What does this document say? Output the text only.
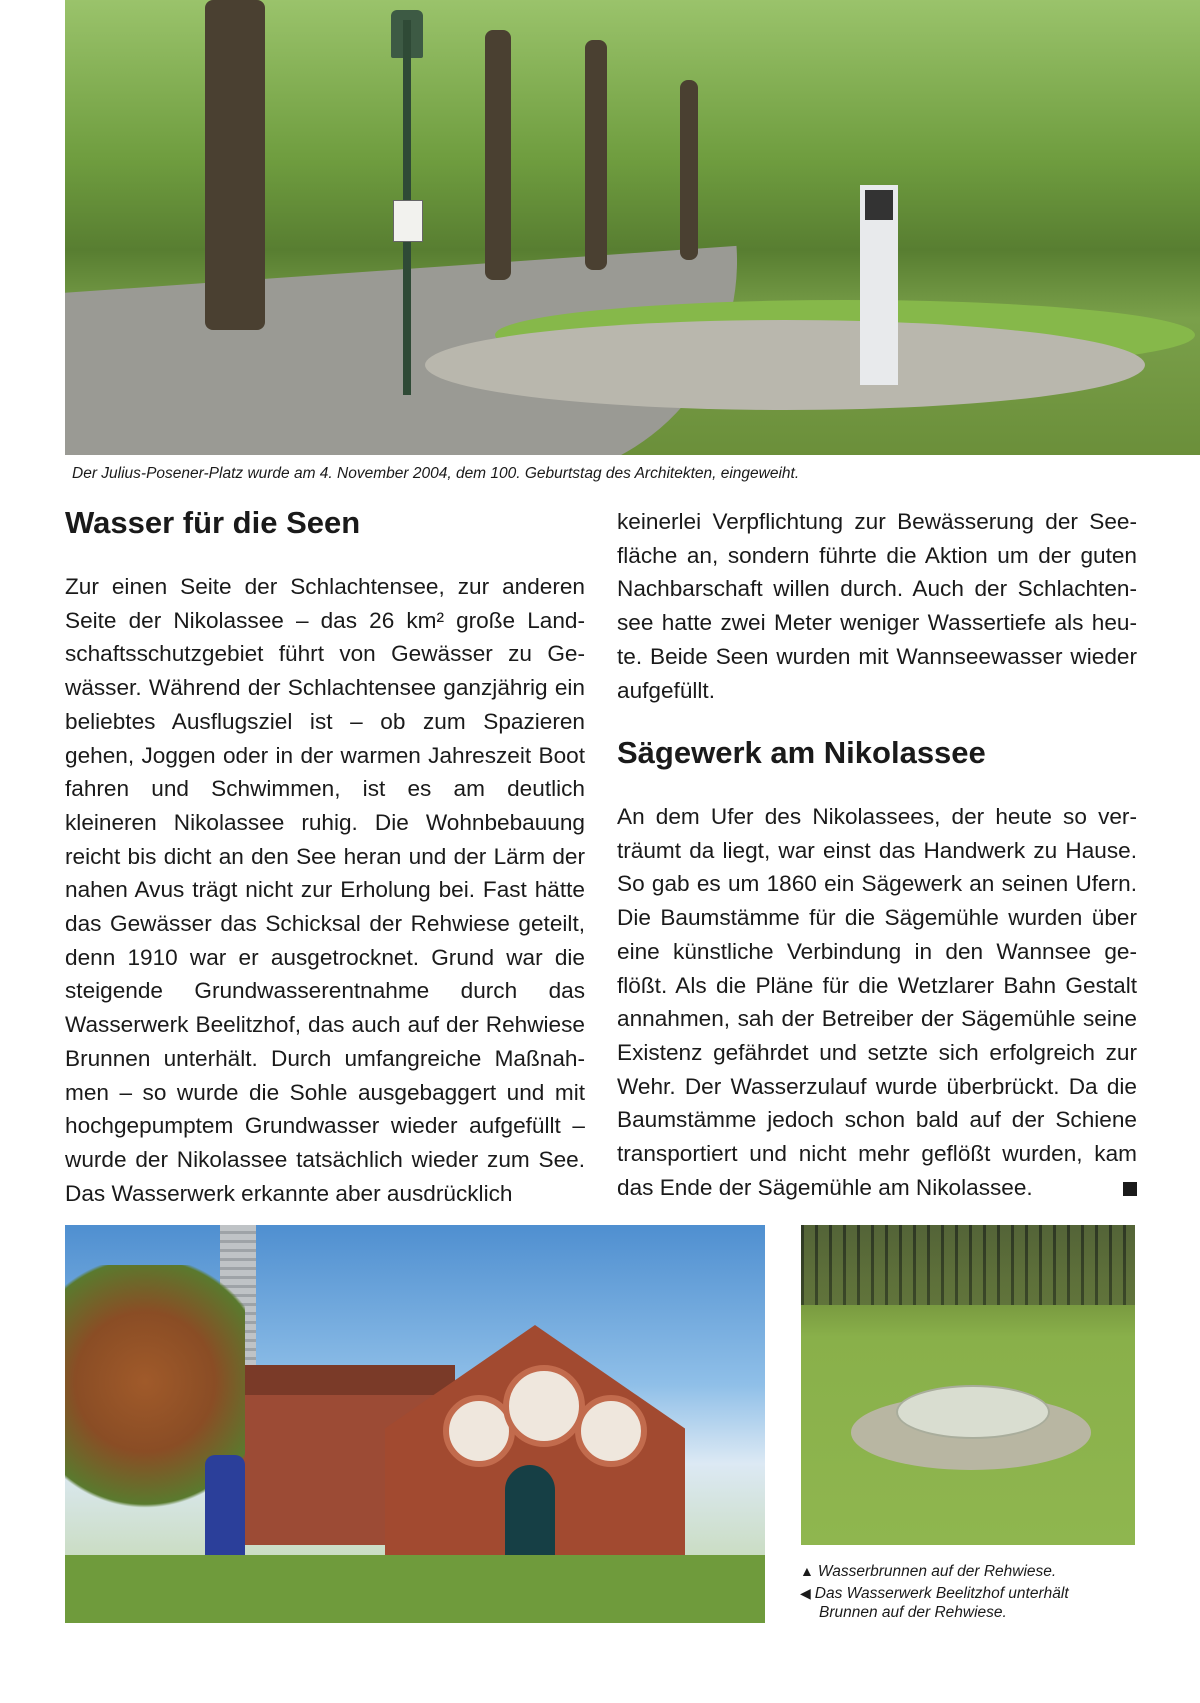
Der Julius-Posener-Platz wurde am 4. November 2004, dem 100. Geburtstag des Architekten, eingeweiht.
Wasser für die Seen
Zur einen Seite der Schlachtensee, zur anderen Seite der Nikolassee – das 26 km² große Landschaftsschutzgebiet führt von Gewässer zu Gewässer. Während der Schlachtensee ganzjährig ein beliebtes Ausflugsziel ist – ob zum Spazieren gehen, Joggen oder in der warmen Jahreszeit Boot fahren und Schwimmen, ist es am deutlich kleineren Nikolassee ruhig. Die Wohnbebauung reicht bis dicht an den See heran und der Lärm der nahen Avus trägt nicht zur Erholung bei. Fast hätte das Gewässer das Schicksal der Rehwiese geteilt, denn 1910 war er ausgetrocknet. Grund war die steigende Grundwasserentnahme durch das Wasserwerk Beelitzhof, das auch auf der Rehwiese Brunnen unterhält. Durch umfangreiche Maßnahmen – so wurde die Sohle ausgebaggert und mit hochgepumptem Grundwasser wieder aufgefüllt – wurde der Nikolassee tatsächlich wieder zum See. Das Wasserwerk erkannte aber ausdrücklich
keinerlei Verpflichtung zur Bewässerung der Seefläche an, sondern führte die Aktion um der guten Nachbarschaft willen durch. Auch der Schlachtensee hatte zwei Meter weniger Wassertiefe als heute. Beide Seen wurden mit Wannseewasser wieder aufgefüllt.
Sägewerk am Nikolassee
An dem Ufer des Nikolassees, der heute so verträumt da liegt, war einst das Handwerk zu Hause. So gab es um 1860 ein Sägewerk an seinen Ufern. Die Baumstämme für die Sägemühle wurden über eine künstliche Verbindung in den Wannsee geflößt. Als die Pläne für die Wetzlarer Bahn Gestalt annahmen, sah der Betreiber der Sägemühle seine Existenz gefährdet und setzte sich erfolgreich zur Wehr. Der Wasserzulauf wurde überbrückt. Da die Baumstämme jedoch schon bald auf der Schiene transportiert und nicht mehr geflößt wurden, kam das Ende der Sägemühle am Nikolassee.
▲ Wasserbrunnen auf der Rehwiese.
◀ Das Wasserwerk Beelitzhof unterhält
Brunnen auf der Rehwiese.
